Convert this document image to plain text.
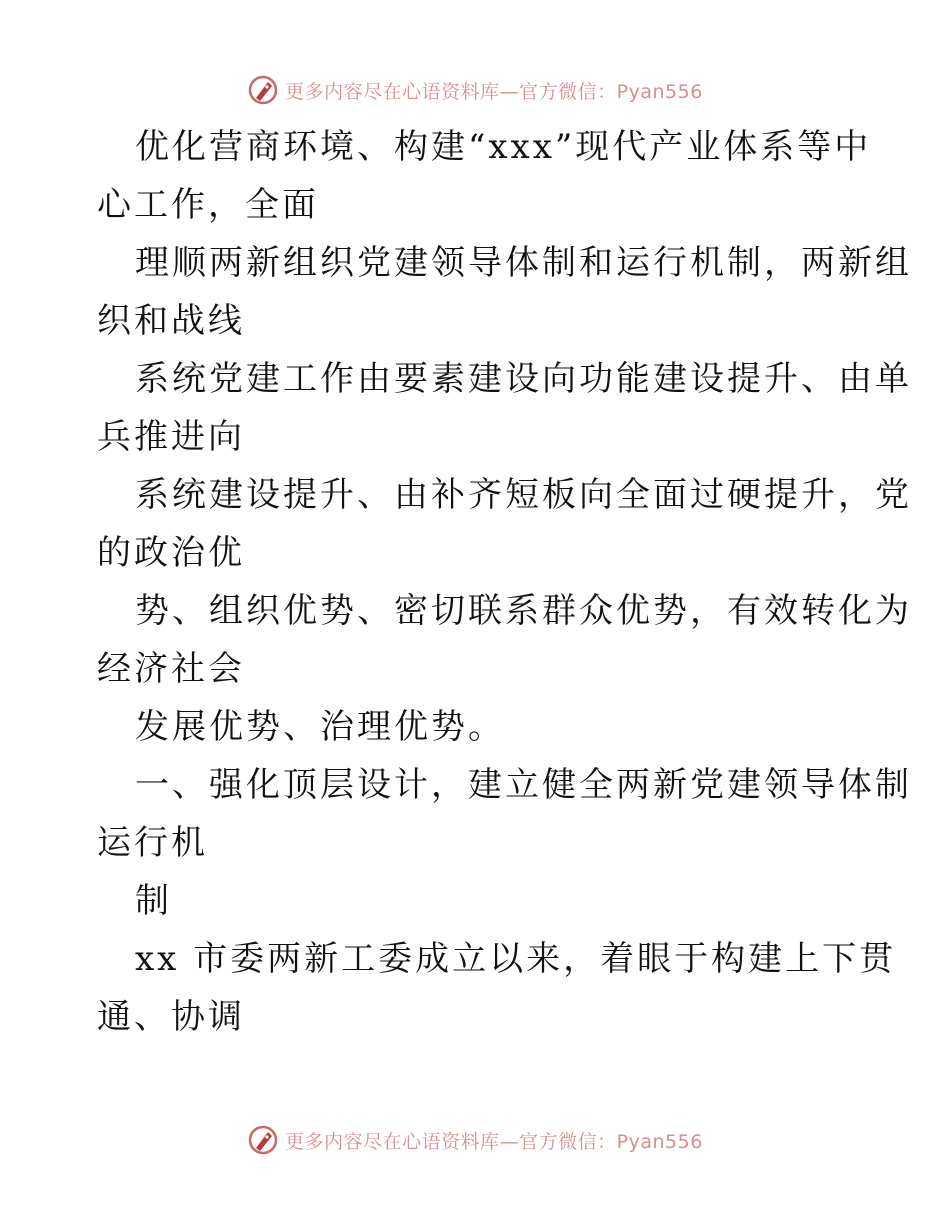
更多内容尽在心语资料库—官方微信：Pyan556
优化营商环境、构建“xxx”现代产业体系等中
心工作，全面
理顺两新组织党建领导体制和运行机制，两新组
织和战线
系统党建工作由要素建设向功能建设提升、由单
兵推进向
系统建设提升、由补齐短板向全面过硬提升，党
的政治优
势、组织优势、密切联系群众优势，有效转化为
经济社会
发展优势、治理优势。
一、强化顶层设计，建立健全两新党建领导体制
运行机
制
xx 市委两新工委成立以来，着眼于构建上下贯
通、协调
更多内容尽在心语资料库—官方微信：Pyan556
